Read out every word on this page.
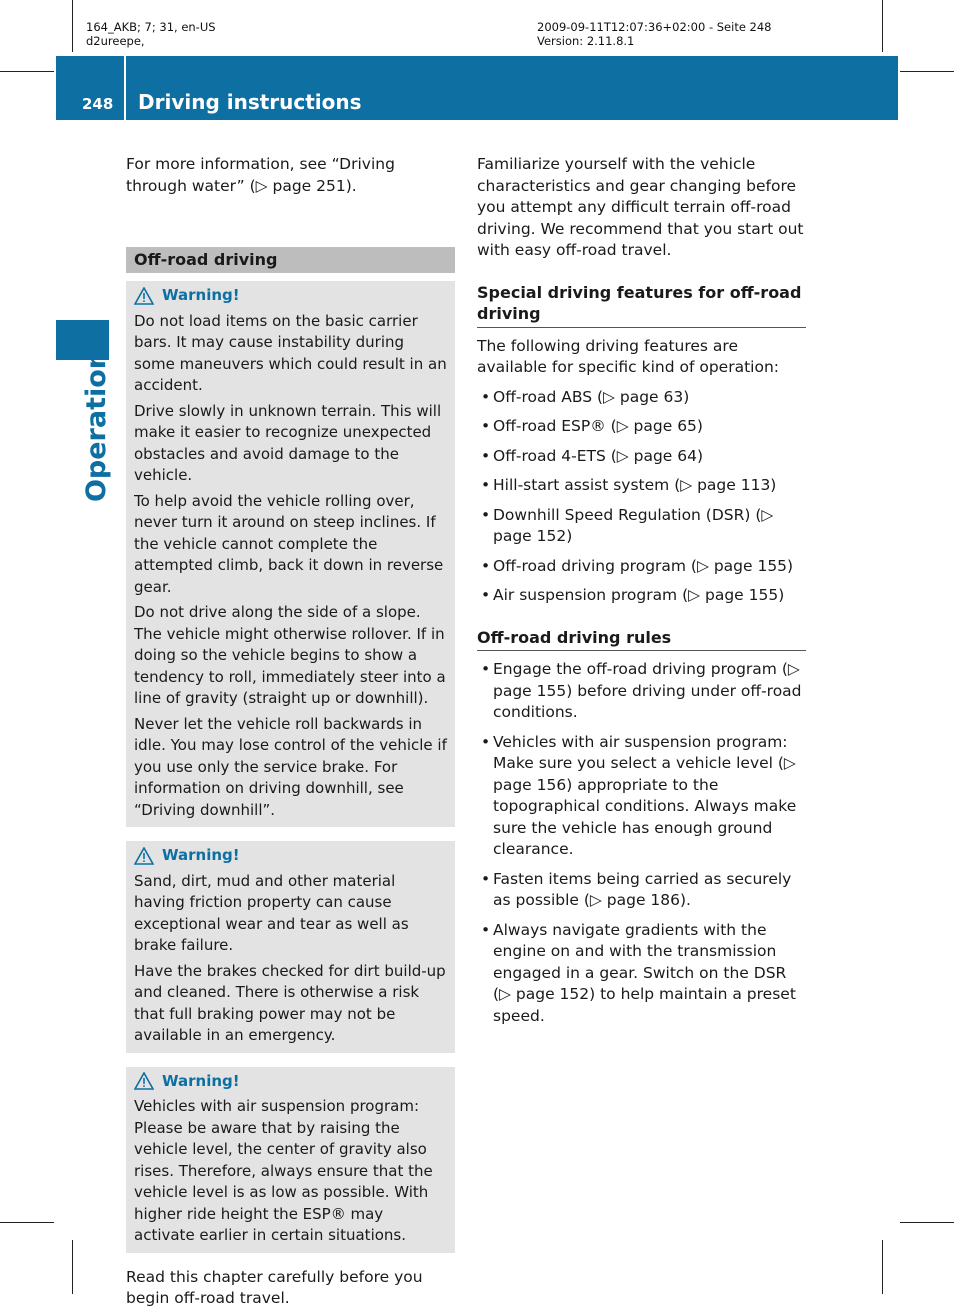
164_AKB; 7; 31, en-US
d2ureepe,
2009-09-11T12:07:36+02:00 - Seite 248
Version: 2.11.8.1
248 Driving instructions
Operation

For more information, see “Driving through water” (▷ page 251).

Off-road driving
Warning!

Do not load items on the basic carrier bars. It may cause instability during some maneuvers which could result in an accident.

Drive slowly in unknown terrain. This will make it easier to recognize unexpected obstacles and avoid damage to the vehicle.

To help avoid the vehicle rolling over, never turn it around on steep inclines. If the vehicle cannot complete the attempted climb, back it down in reverse gear.

Do not drive along the side of a slope. The vehicle might otherwise rollover. If in doing so the vehicle begins to show a tendency to roll, immediately steer into a line of gravity (straight up or downhill).

Never let the vehicle roll backwards in idle. You may lose control of the vehicle if you use only the service brake. For information on driving downhill, see “Driving downhill”.

Warning!

Sand, dirt, mud and other material having friction property can cause exceptional wear and tear as well as brake failure.

Have the brakes checked for dirt build-up and cleaned. There is otherwise a risk that full braking power may not be available in an emergency.

Warning!

Vehicles with air suspension program: Please be aware that by raising the vehicle level, the center of gravity also rises. Therefore, always ensure that the vehicle level is as low as possible. With higher ride height the ESP® may activate earlier in certain situations.

Read this chapter carefully before you begin off-road travel.

Familiarize yourself with the vehicle characteristics and gear changing before you attempt any difficult terrain off-road driving. We recommend that you start out with easy off-road travel.

Special driving features for off-road driving

The following driving features are available for specific kind of operation:

• Off-road ABS (▷ page 63)
• Off-road ESP® (▷ page 65)
• Off-road 4-ETS (▷ page 64)
• Hill-start assist system (▷ page 113)
• Downhill Speed Regulation (DSR) (▷ page 152)
• Off-road driving program (▷ page 155)
• Air suspension program (▷ page 155)
Off-road driving rules
• Engage the off-road driving program (▷ page 155) before driving under off-road conditions.
• Vehicles with air suspension program: Make sure you select a vehicle level (▷ page 156) appropriate to the topographical conditions. Always make sure the vehicle has enough ground clearance.
• Fasten items being carried as securely as possible (▷ page 186).
• Always navigate gradients with the engine on and with the transmission engaged in a gear. Switch on the DSR (▷ page 152) to help maintain a preset speed.
